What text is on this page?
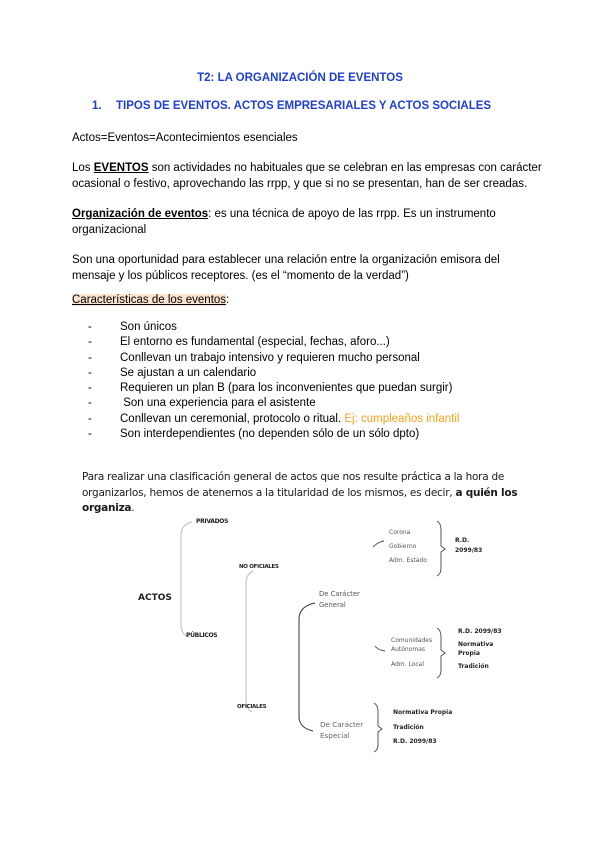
T2: LA ORGANIZACIÓN DE EVENTOS
1. TIPOS DE EVENTOS. ACTOS EMPRESARIALES Y ACTOS SOCIALES
Actos=Eventos=Acontecimientos esenciales
Los EVENTOS son actividades no habituales que se celebran en las empresas con carácter
ocasional o festivo, aprovechando las rrpp, y que si no se presentan, han de ser creadas.
Organización de eventos: es una técnica de apoyo de las rrpp. Es un instrumento
organizacional
Son una oportunidad para establecer una relación entre la organización emisora del
mensaje y los públicos receptores. (es el “momento de la verdad”)
Características de los eventos:
-	Son únicos
-	El entorno es fundamental (especial, fechas, aforo...)
-	Conllevan un trabajo intensivo y requieren mucho personal
-	Se ajustan a un calendario
-	Requieren un plan B (para los inconvenientes que puedan surgir)
-	Son una experiencia para el asistente
-	Conllevan un ceremonial, protocolo o ritual. Ej: cumpleaños infantil
-	Son interdependientes (no dependen sólo de un sólo dpto)
Para realizar una clasificación general de actos que nos resulte práctica a la hora de
organizarlos, hemos de atenernos a la titularidad de los mismos, es decir, a quién los
organiza.
ACTOS
PRIVADOS
PÚBLICOS
NO OFICIALES
OFICIALES
De Carácter
General
De Carácter
Especial
Corona
Gobierno
Adm. Estado
R.D.
2099/83
Comunidades
Autónomas
Adm. Local
R.D. 2099/83
Normativa
Propia
Tradición
Normativa Propia
Tradición
R.D. 2099/83
